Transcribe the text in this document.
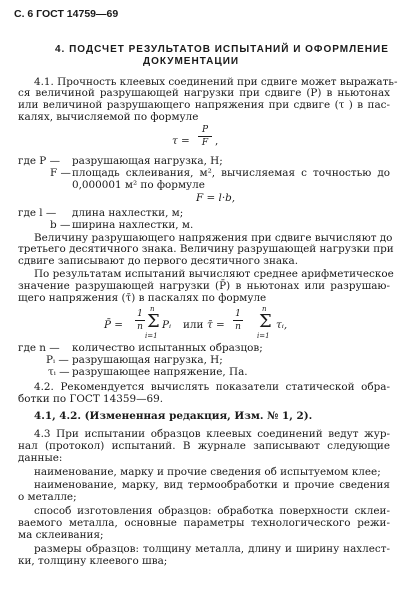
С. 6 ГОСТ 14759—69
4. ПОДСЧЕТ РЕЗУЛЬТАТОВ ИСПЫТАНИЙ И ОФОРМЛЕНИЕ
ДОКУМЕНТАЦИИ
4.1. Прочность клеевых соединений при сдвиге может выражать-
ся величиной разрушающей нагрузки при сдвиге (P) в ньютонах
или величиной разрушающего напряжения при сдвиге (τ ) в пас-
калях, вычисляемой по формуле
τ =
P
F ,
где P — разрушающая нагрузка, Н;
F — площадь склеивания, м², вычисляемая с точностью до
0,000001 м² по формуле
F = l·b,
где l — длина нахлестки, м;
b — ширина нахлестки, м.
Величину разрушающего напряжения при сдвиге вычисляют до
третьего десятичного знака. Величину разрушающей нагрузки при
сдвиге записывают до первого десятичного знака.
По результатам испытаний вычисляют среднее арифметическое
значение разрушающей нагрузки (P̄) в ньютонах или разрушаю-
щего напряжения (τ̄) в паскалях по формуле
P̄ =
1
n
n
Σ
i=1
Pᵢ или τ̄ =
1
n
n
Σ
i=1
τᵢ,
где n — количество испытанных образцов;
Pᵢ — разрушающая нагрузка, Н;
τᵢ — разрушающее напряжение, Па.
4.2. Рекомендуется вычислять показатели статической обра-
ботки по ГОСТ 14359—69.
4.1, 4.2. (Измененная редакция, Изм. № 1, 2).
4.3 При испытании образцов клеевых соединений ведут жур-
нал (протокол) испытаний. В журнале записывают следующие
данные:
наименование, марку и прочие сведения об испытуемом клее;
наименование, марку, вид термообработки и прочие сведения
о металле;
способ изготовления образцов: обработка поверхности склеи-
ваемого металла, основные параметры технологического режи-
ма склеивания;
размеры образцов: толщину металла, длину и ширину нахлест-
ки, толщину клеевого шва;
